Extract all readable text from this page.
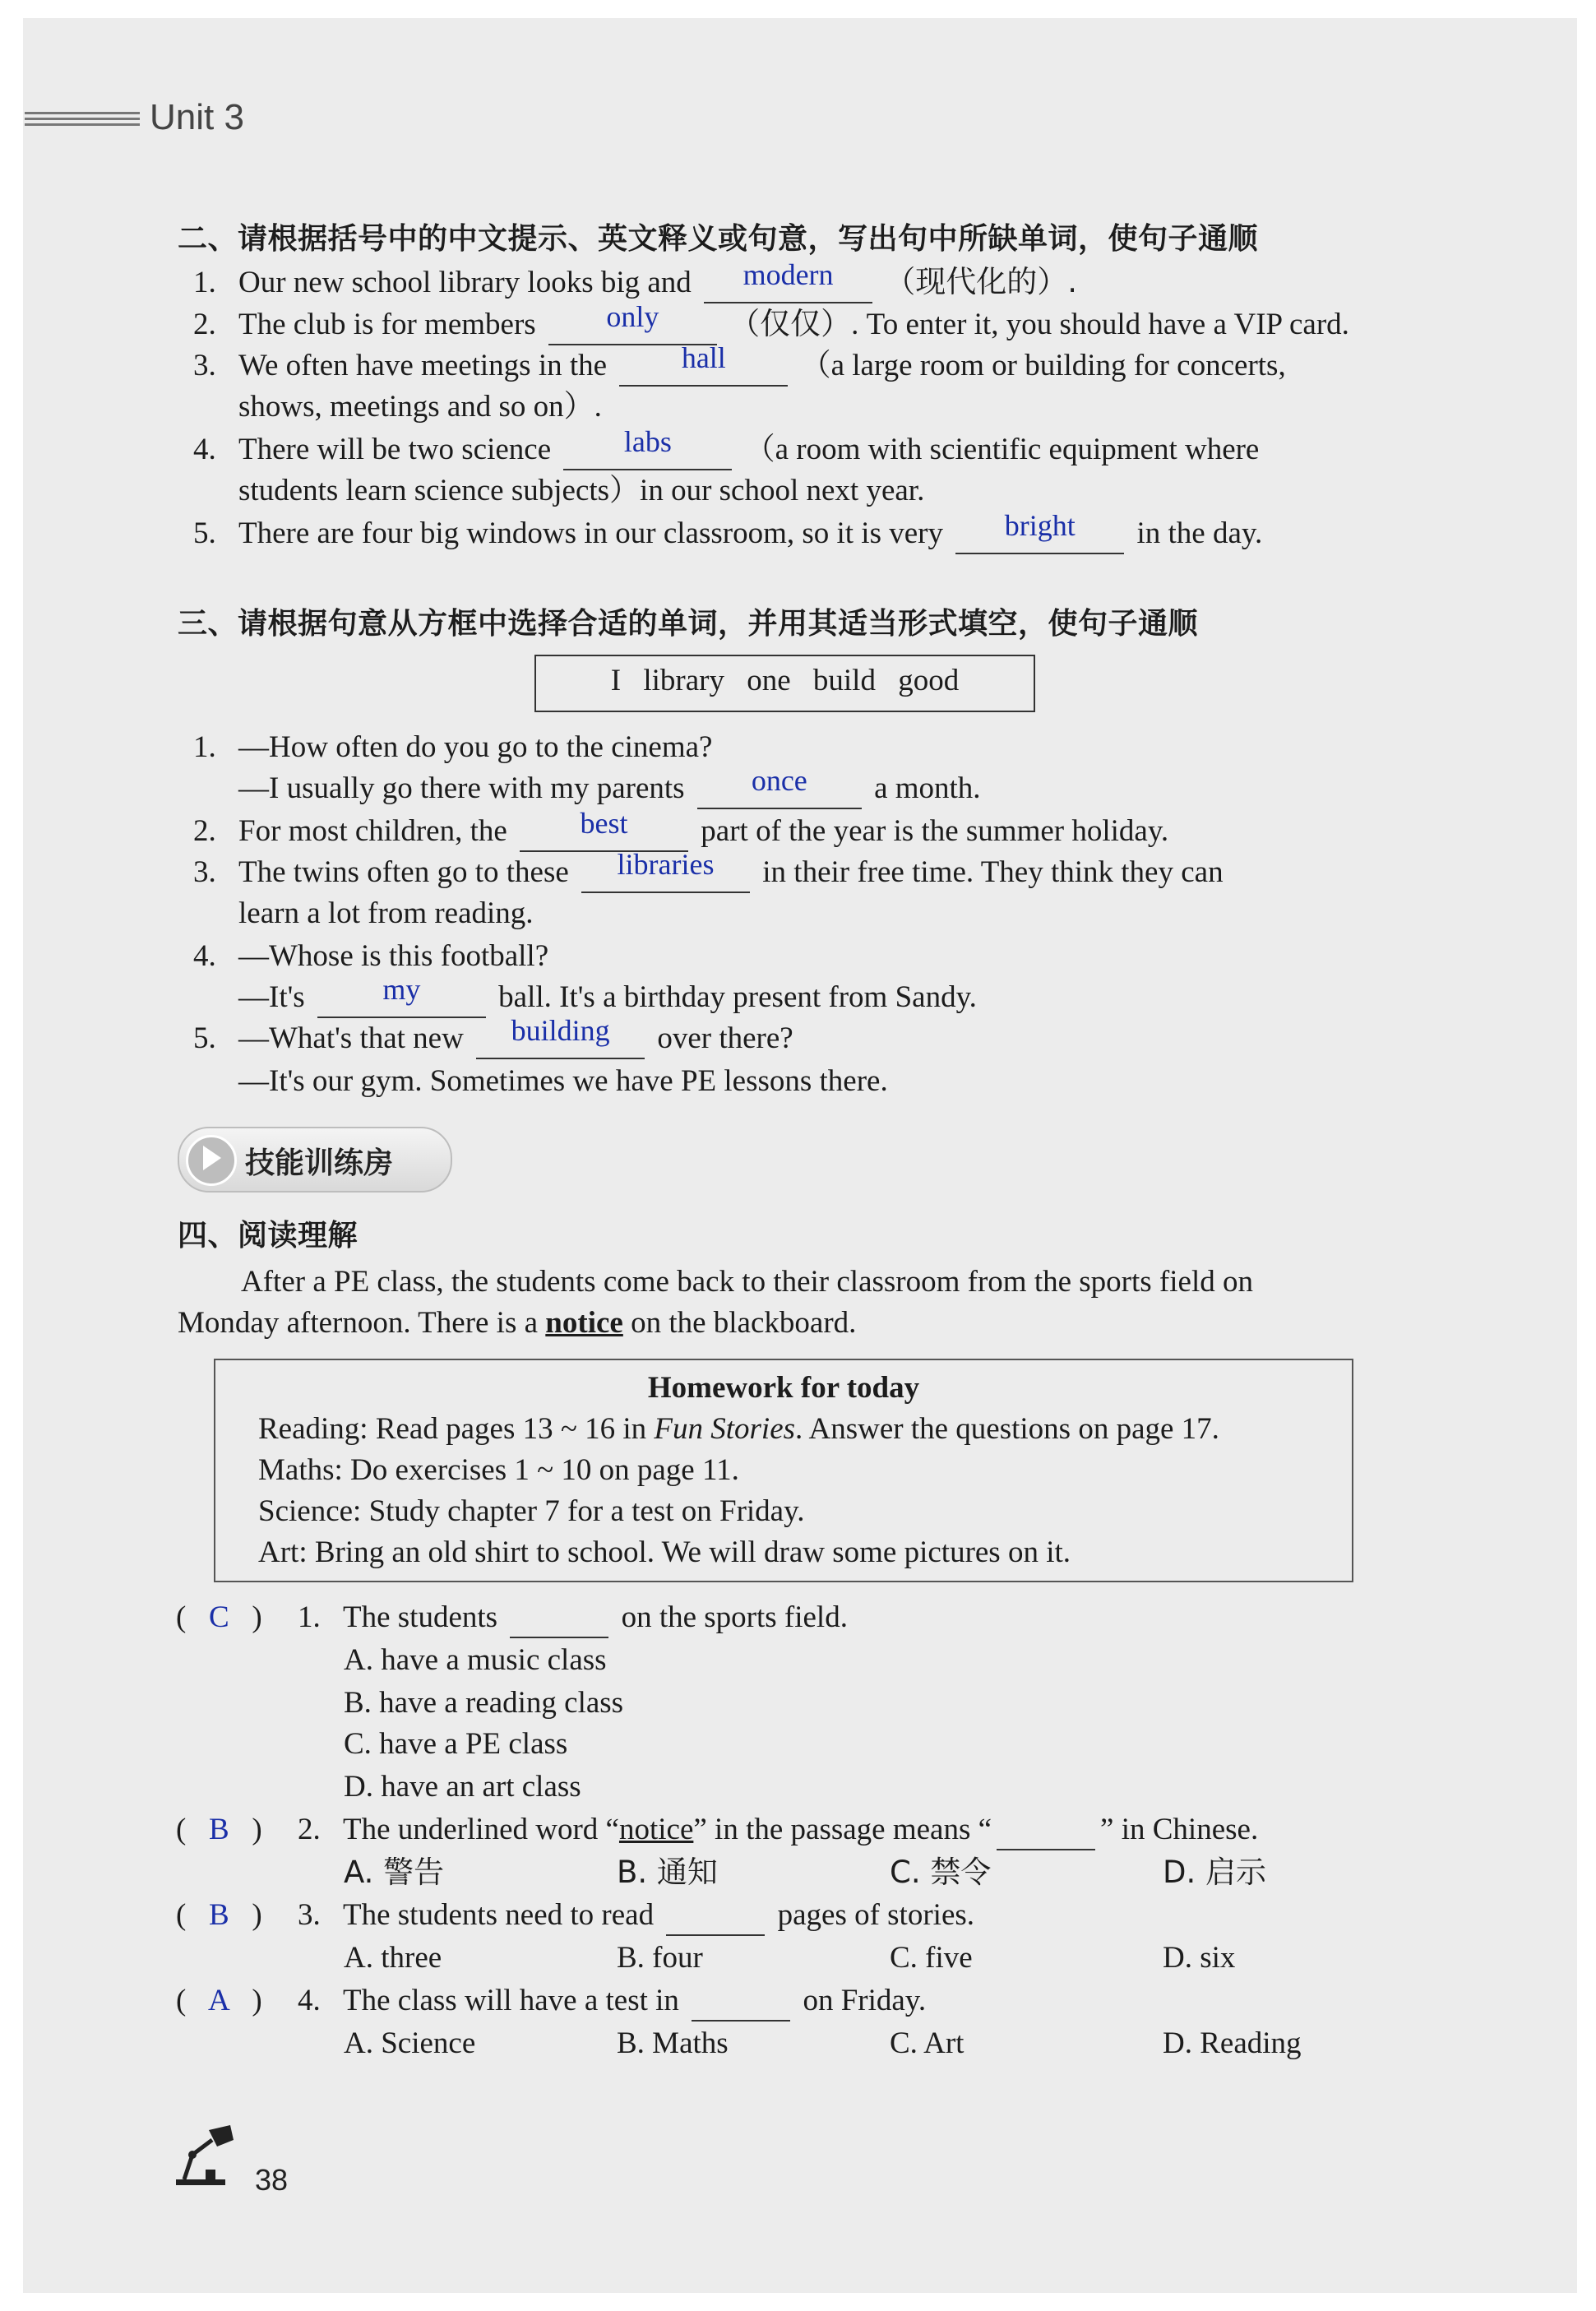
Unit 3
二、请根据括号中的中文提示、英文释义或句意，写出句中所缺单词，使句子通顺
1. Our new school library looks big and	modern	（现代化的）.
2. The club is for members	only	（仅仅）. To enter it, you should have a VIP card.
3. We often have meetings in the	hall	（a large room or building for concerts,
shows, meetings and so on）.
4. There will be two science	labs	（a room with scientific equipment where
students learn science subjects）in our school next year.
5. There are four big windows in our classroom, so it is very	bright	in the day.
三、请根据句意从方框中选择合适的单词，并用其适当形式填空，使句子通顺
I library one build good
1. —How often do you go to the cinema?
—I usually go there with my parents	once	a month.
2. For most children, the	best	part of the year is the summer holiday.
3. The twins often go to these	libraries	in their free time. They think they can
learn a lot from reading.
4. —Whose is this football?
—It's	my	ball. It's a birthday present from Sandy.
5. —What's that new	building	over there?
—It's our gym. Sometimes we have PE lessons there.
技能训练房
四、阅读理解
After a PE class, the students come back to their classroom from the sports field on
Monday afternoon. There is a notice on the blackboard.
Homework for today
Reading: Read pages 13 ~ 16 in Fun Stories. Answer the questions on page 17.
Maths: Do exercises 1 ~ 10 on page 11.
Science: Study chapter 7 for a test on Friday.
Art: Bring an old shirt to school. We will draw some pictures on it.
( C ) 1. The students	on the sports field.
A. have a music class
B. have a reading class
C. have a PE class
D. have an art class
( B ) 2. The underlined word “notice” in the passage means “	” in Chinese.
A. 警告	B. 通知	C. 禁令	D. 启示
( B ) 3. The students need to read	pages of stories.
A. three	B. four	C. five	D. six
( A ) 4. The class will have a test in	on Friday.
A. Science	B. Maths	C. Art	D. Reading
38
